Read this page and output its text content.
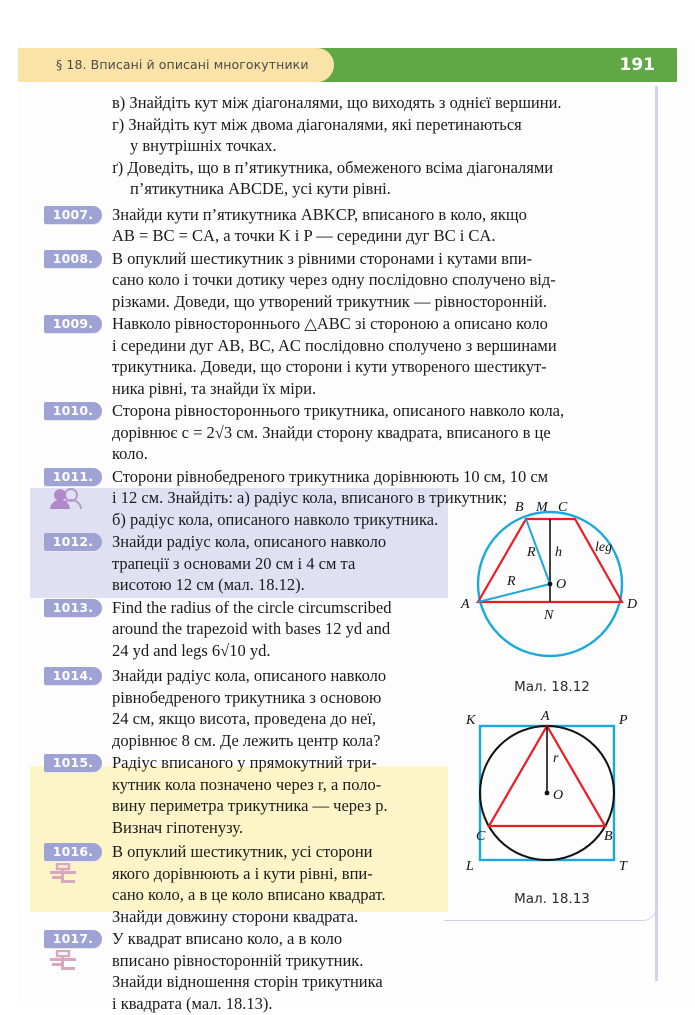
§ 18. Вписані й описані многокутники	191
в) Знайдіть кут між діагоналями, що виходять з однієї вершини.
г) Знайдіть кут між двома діагоналями, які перетинаються
у внутрішніх точках.
ґ) Доведіть, що в п’ятикутника, обмеженого всіма діагоналями
п’ятикутника ABCDE, усі кути рівні.
1007.	Знайди кути п’ятикутника ABKCP, вписаного в коло, якщо
AB = BC = CA, а точки K і P — середини дуг BC і CA.
1008.	В опуклий шестикутник з рівними сторонами і кутами впи-
сано коло і точки дотику через одну послідовно сполучено від-
різками. Доведи, що утворений трикутник — рівносторонній.
1009.	Навколо рівностороннього △ABC зі стороною a описано коло
і середини дуг AB, BC, AC послідовно сполучено з вершинами
трикутника. Доведи, що сторони і кути утвореного шестикут-
ника рівні, та знайди їх міри.
1010.	Сторона рівностороннього трикутника, описаного навколо кола,
дорівнює c = 2√3 см. Знайди сторону квадрата, вписаного в це
коло.
1011.	Сторони рівнобедреного трикутника дорівнюють 10 см, 10 см
і 12 см. Знайдіть: а) радіус кола, вписаного в трикутник;
б) радіус кола, описаного навколо трикутника.
1012.	Знайди радіус кола, описаного навколо
трапеції з основами 20 см і 4 см та
висотою 12 см (мал. 18.12).
1013.	Find the radius of the circle circumscribed
around the trapezoid with bases 12 yd and
24 yd and legs 6√10 yd.
1014.	Знайди радіус кола, описаного навколо
рівнобедреного трикутника з основою
24 см, якщо висота, проведена до неї,
дорівнює 8 см. Де лежить центр кола?
1015.	Радіус вписаного у прямокутний три-
кутник кола позначено через r, а поло-
вину периметра трикутника — через p.
Визнач гіпотенузу.
1016.	В опуклий шестикутник, усі сторони
якого дорівнюють a і кути рівні, впи-
сано коло, а в це коло вписано квадрат.
Знайди довжину сторони квадрата.
1017.	У квадрат вписано коло, а в коло
вписано рівносторонній трикутник.
Знайди відношення сторін трикутника
і квадрата (мал. 18.13).
B M C
R h leg
R	O
A
N
D
Мал. 18.12
K	A	P
r
O
C	B
L	T
Мал. 18.13
